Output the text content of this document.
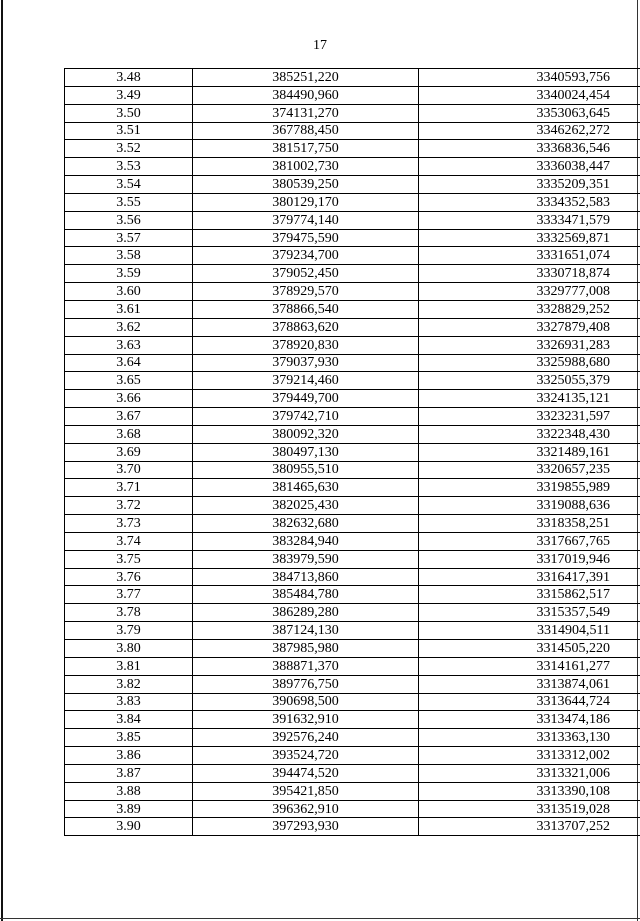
17
3.48	385251,220	3340593,756
3.49	384490,960	3340024,454
3.50	374131,270	3353063,645
3.51	367788,450	3346262,272
3.52	381517,750	3336836,546
3.53	381002,730	3336038,447
3.54	380539,250	3335209,351
3.55	380129,170	3334352,583
3.56	379774,140	3333471,579
3.57	379475,590	3332569,871
3.58	379234,700	3331651,074
3.59	379052,450	3330718,874
3.60	378929,570	3329777,008
3.61	378866,540	3328829,252
3.62	378863,620	3327879,408
3.63	378920,830	3326931,283
3.64	379037,930	3325988,680
3.65	379214,460	3325055,379
3.66	379449,700	3324135,121
3.67	379742,710	3323231,597
3.68	380092,320	3322348,430
3.69	380497,130	3321489,161
3.70	380955,510	3320657,235
3.71	381465,630	3319855,989
3.72	382025,430	3319088,636
3.73	382632,680	3318358,251
3.74	383284,940	3317667,765
3.75	383979,590	3317019,946
3.76	384713,860	3316417,391
3.77	385484,780	3315862,517
3.78	386289,280	3315357,549
3.79	387124,130	3314904,511
3.80	387985,980	3314505,220
3.81	388871,370	3314161,277
3.82	389776,750	3313874,061
3.83	390698,500	3313644,724
3.84	391632,910	3313474,186
3.85	392576,240	3313363,130
3.86	393524,720	3313312,002
3.87	394474,520	3313321,006
3.88	395421,850	3313390,108
3.89	396362,910	3313519,028
3.90	397293,930	3313707,252
